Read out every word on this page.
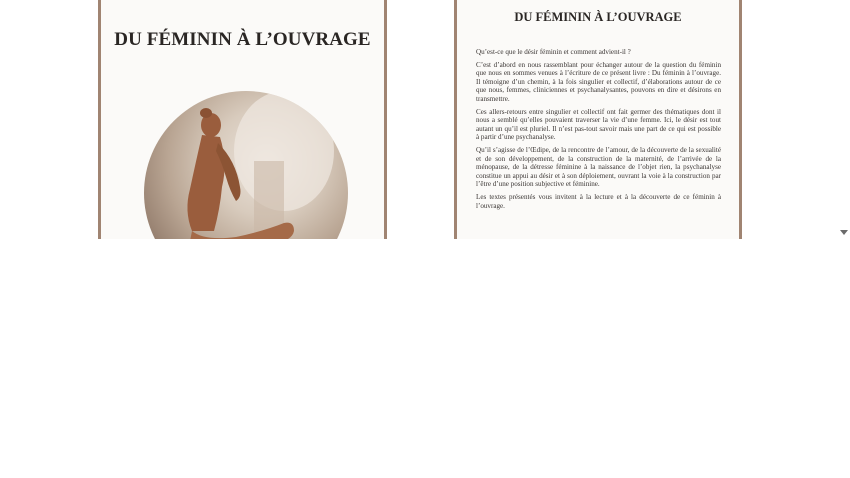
DU FÉMININ À L’OUVRAGE
DU FÉMININ À L’OUVRAGE

Qu’est-ce que le désir féminin et comment advient-il ?

C’est d’abord en nous rassemblant pour échanger autour de la question du féminin que nous en sommes venues à l’écriture de ce présent livre : Du féminin à l’ouvrage. Il témoigne d’un chemin, à la fois singulier et collectif, d’élaborations autour de ce que nous, femmes, cliniciennes et psychanalysantes, pouvons en dire et désirons en transmettre.

Ces allers-retours entre singulier et collectif ont fait germer des thématiques dont il nous a semblé qu’elles pouvaient traverser la vie d’une femme. Ici, le désir est tout autant un qu’il est pluriel. Il n’est pas-tout savoir mais une part de ce qui est possible à partir d’une psychanalyse.

Qu’il s’agisse de l’Œdipe, de la rencontre de l’amour, de la découverte de la sexualité et de son développement, de la construction de la maternité, de l’arrivée de la ménopause, de la détresse féminine à la naissance de l’objet rien, la psychanalyse constitue un appui au désir et à son déploiement, ouvrant la voie à la construction par l’être d’une position subjective et féminine.

Les textes présentés vous invitent à la lecture et à la découverte de ce féminin à l’ouvrage.
